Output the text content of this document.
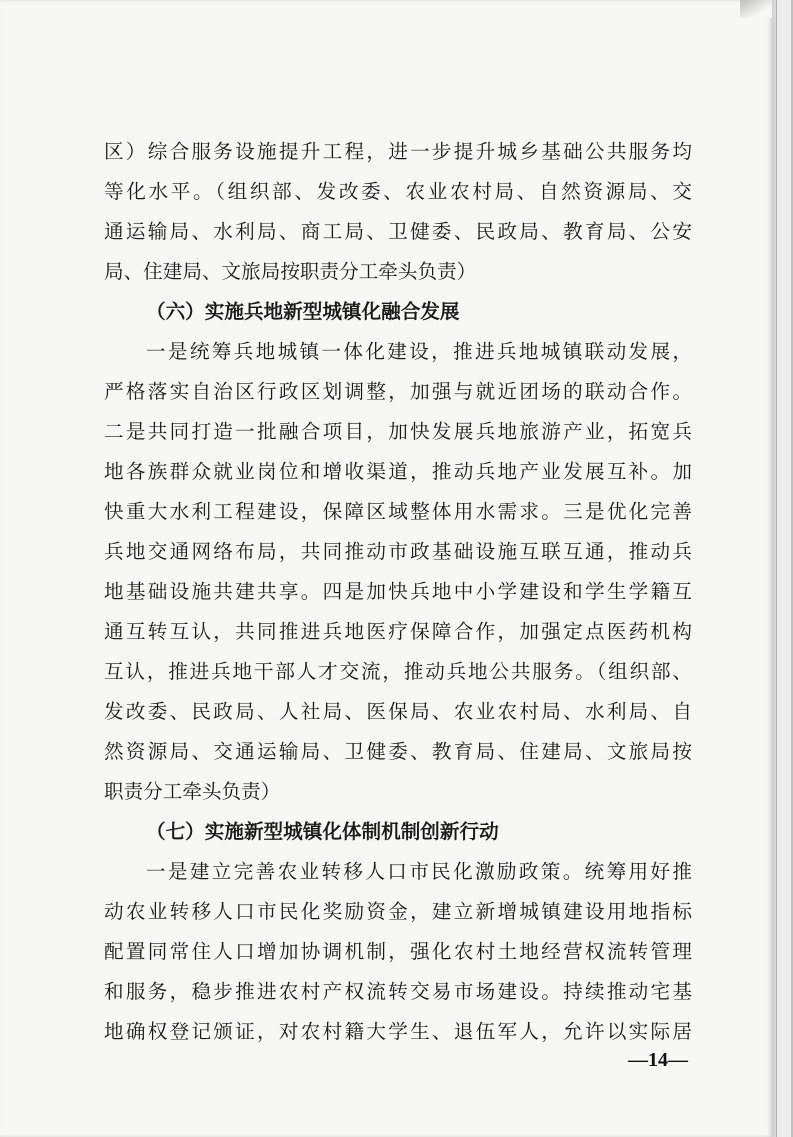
区）综合服务设施提升工程，进一步提升城乡基础公共服务均
等化水平。（组织部、发改委、农业农村局、自然资源局、交
通运输局、水利局、商工局、卫健委、民政局、教育局、公安
局、住建局、文旅局按职责分工牵头负责）
（六）实施兵地新型城镇化融合发展
一是统筹兵地城镇一体化建设，推进兵地城镇联动发展，
严格落实自治区行政区划调整，加强与就近团场的联动合作。
二是共同打造一批融合项目，加快发展兵地旅游产业，拓宽兵
地各族群众就业岗位和增收渠道，推动兵地产业发展互补。加
快重大水利工程建设，保障区域整体用水需求。三是优化完善
兵地交通网络布局，共同推动市政基础设施互联互通，推动兵
地基础设施共建共享。四是加快兵地中小学建设和学生学籍互
通互转互认，共同推进兵地医疗保障合作，加强定点医药机构
互认，推进兵地干部人才交流，推动兵地公共服务。（组织部、
发改委、民政局、人社局、医保局、农业农村局、水利局、自
然资源局、交通运输局、卫健委、教育局、住建局、文旅局按
职责分工牵头负责）
（七）实施新型城镇化体制机制创新行动
一是建立完善农业转移人口市民化激励政策。统筹用好推
动农业转移人口市民化奖励资金，建立新增城镇建设用地指标
配置同常住人口增加协调机制，强化农村土地经营权流转管理
和服务，稳步推进农村产权流转交易市场建设。持续推动宅基
地确权登记颁证，对农村籍大学生、退伍军人，允许以实际居
—14—
